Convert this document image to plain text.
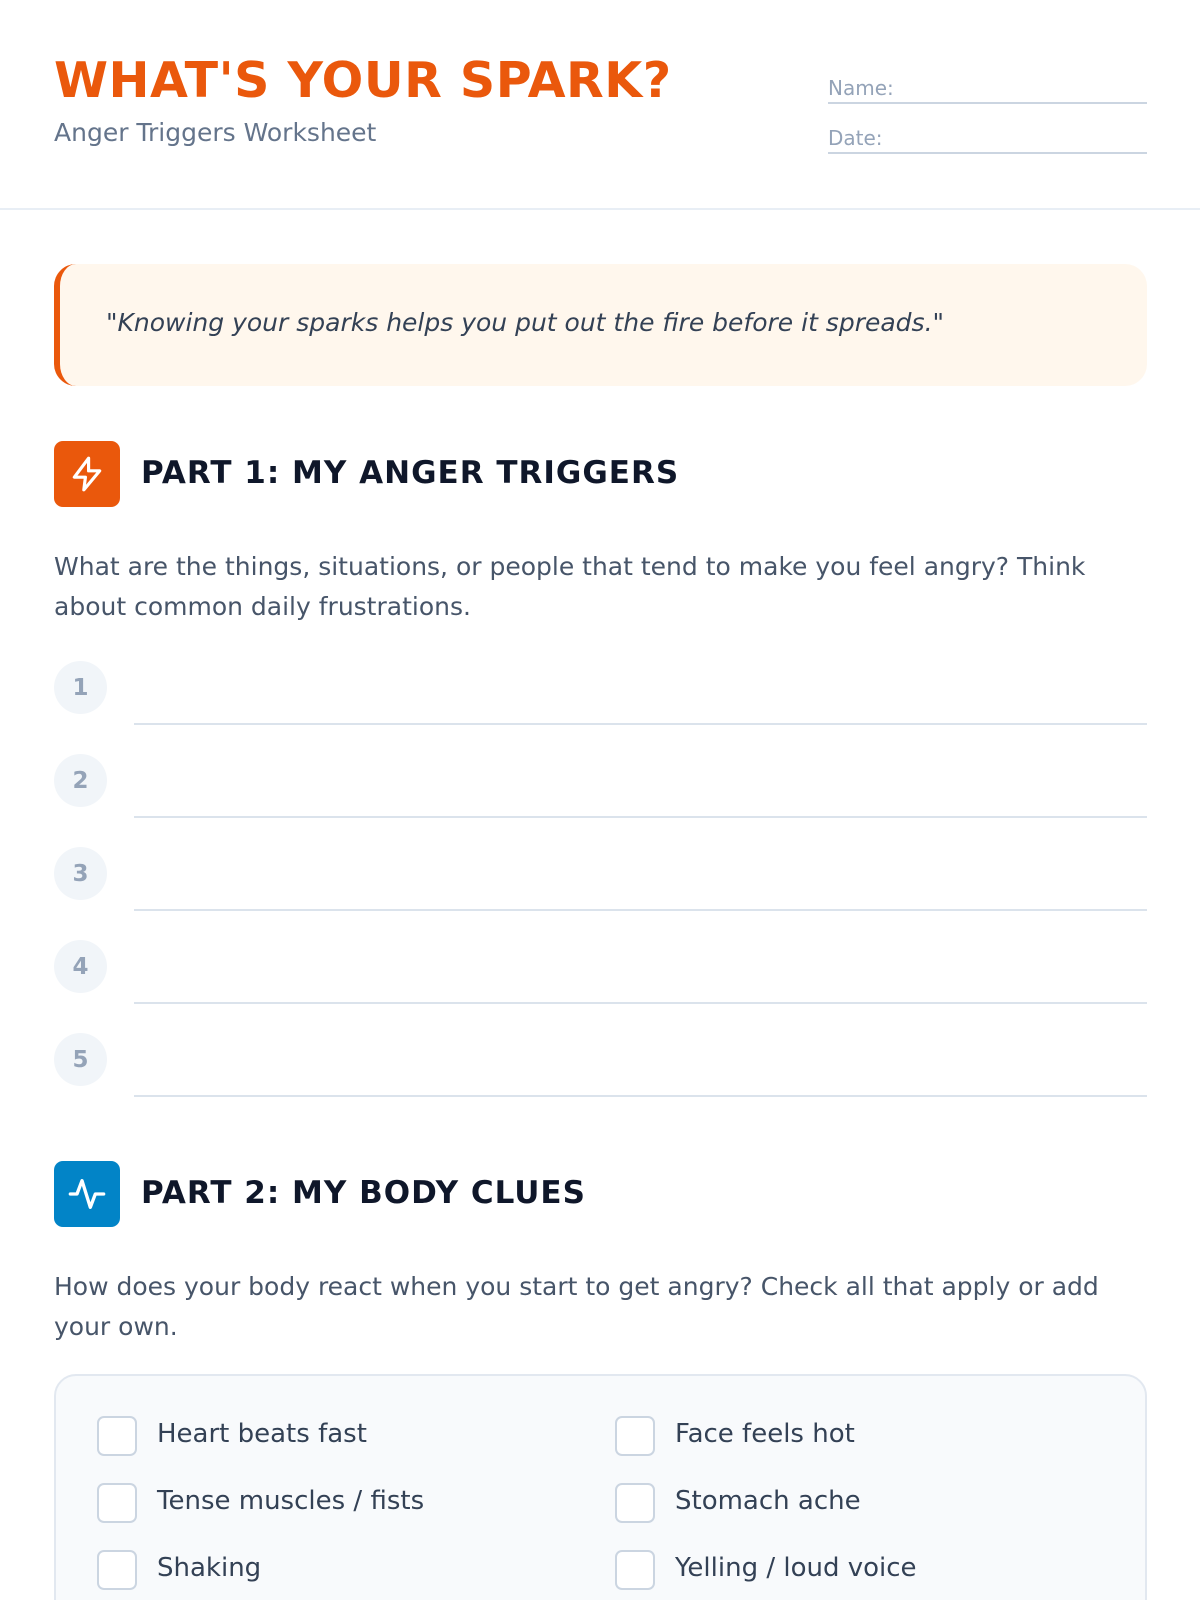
WHAT'S YOUR SPARK?
Anger Triggers Worksheet
Name:
Date:
"Knowing your sparks helps you put out the fire before it spreads."
PART 1: MY ANGER TRIGGERS
What are the things, situations, or people that tend to make you feel angry? Think about common daily frustrations.
1
2
3
4
5
PART 2: MY BODY CLUES
How does your body react when you start to get angry? Check all that apply or add your own.
Heart beats fast	Face feels hot
Tense muscles / fists	Stomach ache
Shaking	Yelling / loud voice
